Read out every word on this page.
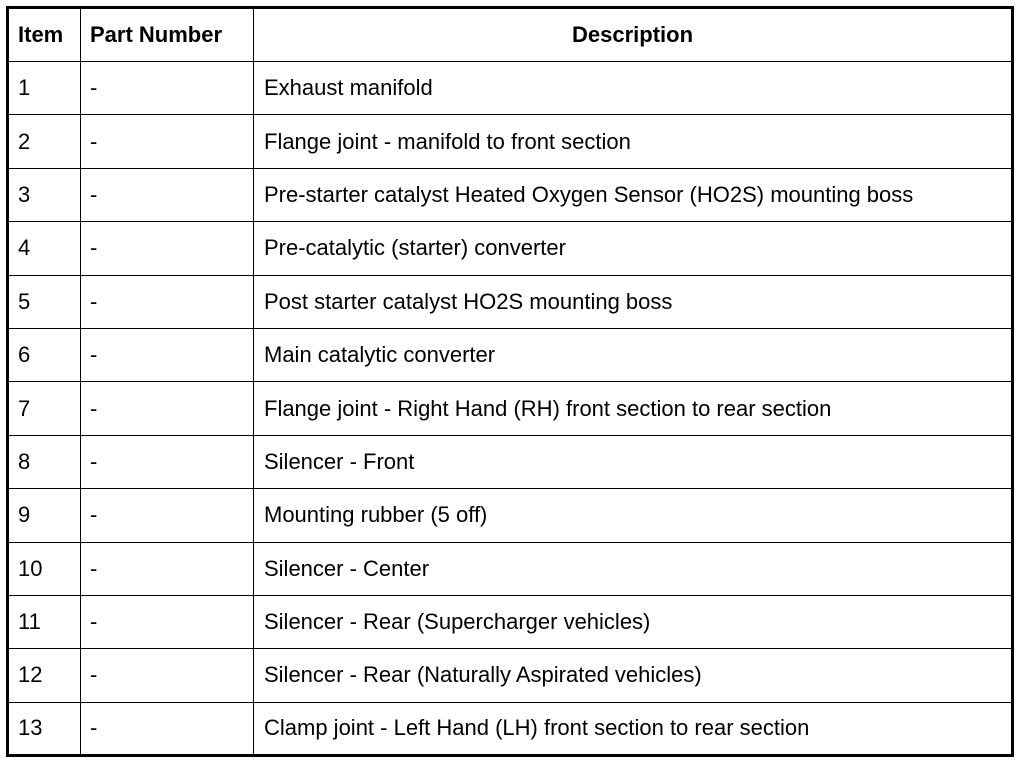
Item	Part Number	Description
1	-	Exhaust manifold
2	-	Flange joint - manifold to front section
3	-	Pre-starter catalyst Heated Oxygen Sensor (HO2S) mounting boss
4	-	Pre-catalytic (starter) converter
5	-	Post starter catalyst HO2S mounting boss
6	-	Main catalytic converter
7	-	Flange joint - Right Hand (RH) front section to rear section
8	-	Silencer - Front
9	-	Mounting rubber (5 off)
10	-	Silencer - Center
11	-	Silencer - Rear (Supercharger vehicles)
12	-	Silencer - Rear (Naturally Aspirated vehicles)
13	-	Clamp joint - Left Hand (LH) front section to rear section
